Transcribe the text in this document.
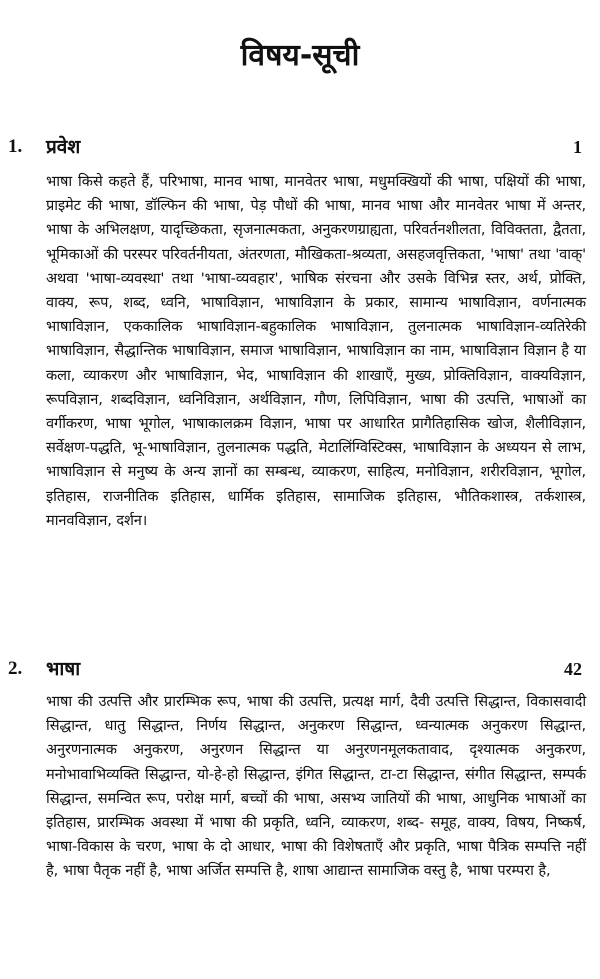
विषय-सूची
1. प्रवेश	1

भाषा किसे कहते हैं, परिभाषा, मानव भाषा, मानवेतर भाषा, मधुमक्खियों की भाषा, पक्षियों की भाषा, प्राइमेट की भाषा, डॉल्फिन की भाषा, पेड़ पौधों की भाषा, मानव भाषा और मानवेतर भाषा में अन्तर, भाषा के अभिलक्षण, यादृच्छिकता, सृजनात्मकता, अनुकरणग्राह्यता, परिवर्तनशीलता, विविक्तता, द्वैतता, भूमिकाओं की परस्पर परिवर्तनीयता, अंतरणता, मौखिकता-श्रव्यता, असहजवृत्तिकता, 'भाषा' तथा 'वाक्' अथवा 'भाषा-व्यवस्था' तथा 'भाषा-व्यवहार', भाषिक संरचना और उसके विभिन्न स्तर, अर्थ, प्रोक्ति, वाक्य, रूप, शब्द, ध्वनि, भाषाविज्ञान, भाषाविज्ञान के प्रकार, सामान्य भाषाविज्ञान, वर्णनात्मक भाषाविज्ञान, एककालिक भाषाविज्ञान-बहुकालिक भाषाविज्ञान, तुलनात्मक भाषाविज्ञान-व्यतिरेकी भाषाविज्ञान, सैद्धान्तिक भाषाविज्ञान, समाज भाषाविज्ञान, भाषाविज्ञान का नाम, भाषाविज्ञान विज्ञान है या कला, व्याकरण और भाषाविज्ञान, भेद, भाषाविज्ञान की शाखाएँ, मुख्य, प्रोक्तिविज्ञान, वाक्यविज्ञान, रूपविज्ञान, शब्दविज्ञान, ध्वनिविज्ञान, अर्थविज्ञान, गौण, लिपिविज्ञान, भाषा की उत्पत्ति, भाषाओं का वर्गीकरण, भाषा भूगोल, भाषाकालक्रम विज्ञान, भाषा पर आधारित प्रागैतिहासिक खोज, शैलीविज्ञान, सर्वेक्षण-पद्धति, भू-भाषाविज्ञान, तुलनात्मक पद्धति, मेटालिंग्विस्टिक्स, भाषाविज्ञान के अध्ययन से लाभ, भाषाविज्ञान से मनुष्य के अन्य ज्ञानों का सम्बन्ध, व्याकरण, साहित्य, मनोविज्ञान, शरीरविज्ञान, भूगोल, इतिहास, राजनीतिक इतिहास, धार्मिक इतिहास, सामाजिक इतिहास, भौतिकशास्त्र, तर्कशास्त्र, मानवविज्ञान, दर्शन।

2. भाषा	42

भाषा की उत्पत्ति और प्रारम्भिक रूप, भाषा की उत्पत्ति, प्रत्यक्ष मार्ग, दैवी उत्पत्ति सिद्धान्त, विकासवादी सिद्धान्त, धातु सिद्धान्त, निर्णय सिद्धान्त, अनुकरण सिद्धान्त, ध्वन्यात्मक अनुकरण सिद्धान्त, अनुरणनात्मक अनुकरण, अनुरणन सिद्धान्त या अनुरणनमूलकतावाद, दृश्यात्मक अनुकरण, मनोभावाभिव्यक्ति सिद्धान्त, यो-हे-हो सिद्धान्त, इंगित सिद्धान्त, टा-टा सिद्धान्त, संगीत सिद्धान्त, सम्पर्क सिद्धान्त, समन्वित रूप, परोक्ष मार्ग, बच्चों की भाषा, असभ्य जातियों की भाषा, आधुनिक भाषाओं का इतिहास, प्रारम्भिक अवस्था में भाषा की प्रकृति, ध्वनि, व्याकरण, शब्द- समूह, वाक्य, विषय, निष्कर्ष, भाषा-विकास के चरण, भाषा के दो आधार, भाषा की विशेषताएँ और प्रकृति, भाषा पैत्रिक सम्पत्ति नहीं है, भाषा पैतृक नहीं है, भाषा अर्जित सम्पत्ति है, शाषा आद्यान्त सामाजिक वस्तु है, भाषा परम्परा है,
